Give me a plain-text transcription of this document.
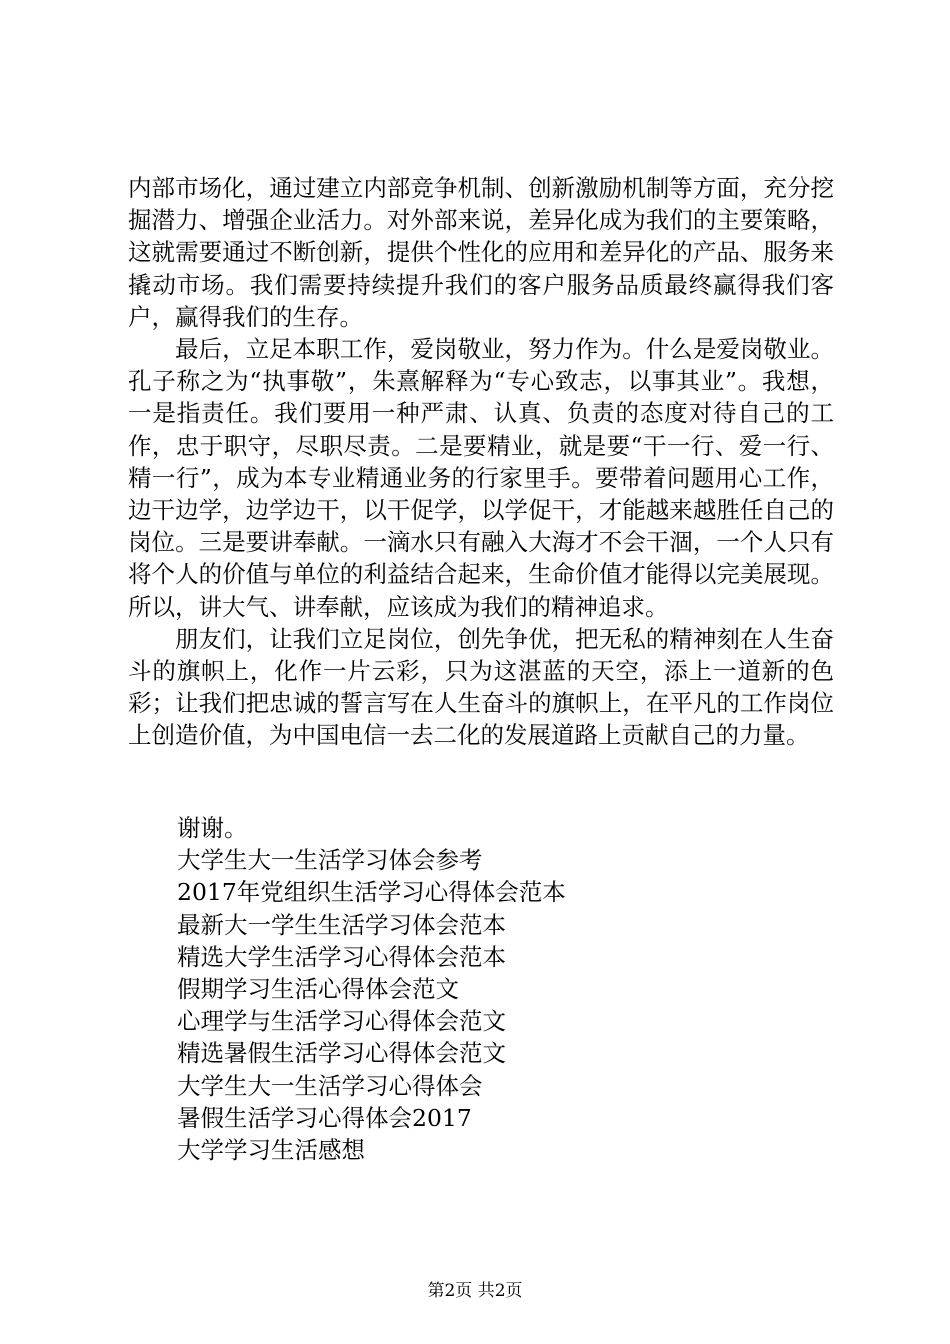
内部市场化，通过建立内部竞争机制、创新激励机制等方面，充分挖掘潜力、增强企业活力。对外部来说，差异化成为我们的主要策略，这就需要通过不断创新，提供个性化的应用和差异化的产品、服务来撬动市场。我们需要持续提升我们的客户服务品质最终赢得我们客户，赢得我们的生存。

最后，立足本职工作，爱岗敬业，努力作为。什么是爱岗敬业。孔子称之为“执事敬”，朱熹解释为“专心致志，以事其业”。我想，一是指责任。我们要用一种严肃、认真、负责的态度对待自己的工作，忠于职守，尽职尽责。二是要精业，就是要“干一行、爱一行、精一行”，成为本专业精通业务的行家里手。要带着问题用心工作，边干边学，边学边干，以干促学，以学促干，才能越来越胜任自己的岗位。三是要讲奉献。一滴水只有融入大海才不会干涸，一个人只有将个人的价值与单位的利益结合起来，生命价值才能得以完美展现。所以，讲大气、讲奉献，应该成为我们的精神追求。

朋友们，让我们立足岗位，创先争优，把无私的精神刻在人生奋斗的旗帜上，化作一片云彩，只为这湛蓝的天空，添上一道新的色彩；让我们把忠诚的誓言写在人生奋斗的旗帜上，在平凡的工作岗位上创造价值，为中国电信一去二化的发展道路上贡献自己的力量。

谢谢。
大学生大一生活学习体会参考
2017年党组织生活学习心得体会范本
最新大一学生生活学习体会范本
精选大学生活学习心得体会范本
假期学习生活心得体会范文
心理学与生活学习心得体会范文
精选暑假生活学习心得体会范文
大学生大一生活学习心得体会
暑假生活学习心得体会2017
大学学习生活感想
第2页 共2页
